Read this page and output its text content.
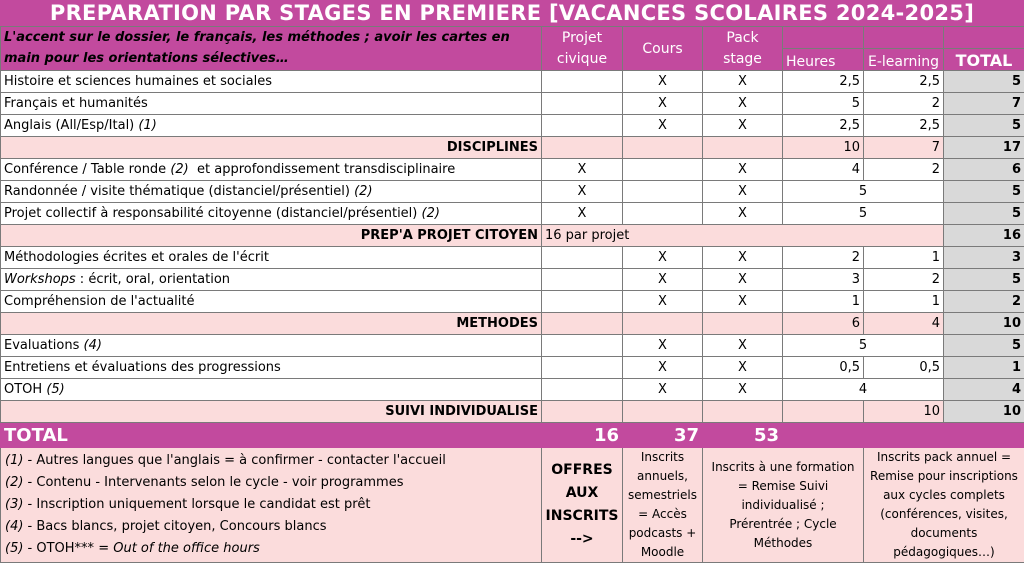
PREPARATION PAR STAGES EN PREMIERE [VACANCES SCOLAIRES 2024-2025]
L'accent sur le dossier, le français, les méthodes ; avoir les cartes en main pour les orientations sélectives…	Projet civique	Cours	Pack stage			
				Heures	E-learning	TOTAL
Histoire et sciences humaines et sociales		X	X	2,5	2,5	5
Français et humanités		X	X	5	2	7
Anglais (All/Esp/Ital) (1)		X	X	2,5	2,5	5
DISCIPLINES				10	7	17
Conférence / Table ronde (2) et approfondissement transdisciplinaire	X		X	4	2	6
Randonnée / visite thématique (distanciel/présentiel) (2)	X		X	5		5
Projet collectif à responsabilité citoyenne (distanciel/présentiel) (2)	X		X	5		5
PREP'A PROJET CITOYEN	16 par projet					16
Méthodologies écrites et orales de l'écrit		X	X	2	1	3
Workshops : écrit, oral, orientation		X	X	3	2	5
Compréhension de l'actualité		X	X	1	1	2
METHODES				6	4	10
Evaluations (4)		X	X	5		5
Entretiens et évaluations des progressions		X	X	0,5	0,5	1
OTOH (5)		X	X	4		4
SUIVI INDIVIDUALISE					10	10
TOTAL	16	37	53			

(1) - Autres langues que l'anglais = à confirmer - contacter l'accueil
(2) - Contenu - Intervenants selon le cycle - voir programmes
(3) - Inscription uniquement lorsque le candidat est prêt
(4) - Bacs blancs, projet citoyen, Concours blancs
(5) - OTOH*** = Out of the office hours	OFFRES AUX INSCRITS -->	Inscrits annuels, semestriels = Accès podcasts + Moodle	Inscrits à une formation = Remise Suivi individualisé ; Prérentrée ; Cycle Méthodes		Inscrits pack annuel = Remise pour inscriptions aux cycles complets (conférences, visites, documents pédagogiques…)	
